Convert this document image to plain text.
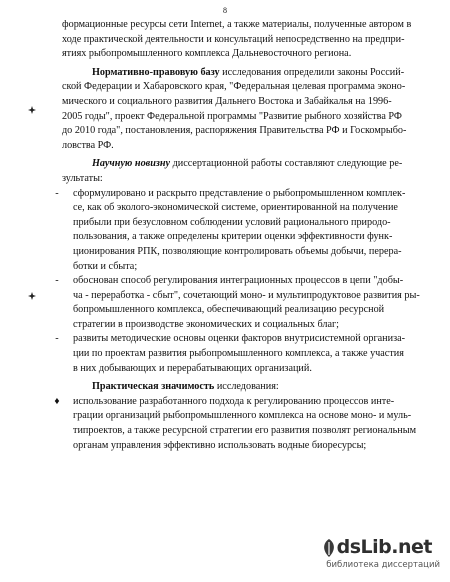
8
формационные ресурсы сети Internet, а также материалы, полученные автором в
ходе практической деятельности и консультаций непосредственно на предпри-
ятиях рыбопромышленного комплекса Дальневосточного региона.
Нормативно-правовую базу исследования определили законы Россий-
ской Федерации и Хабаровского края, "Федеральная целевая программа эконо-
мического и социального развития Дальнего Востока и Забайкалья на 1996-
2005 годы", проект Федеральной программы "Развитие рыбного хозяйства РФ
до 2010 года", постановления, распоряжения Правительства РФ и Госкомрыбо-
ловства РФ.
Научную новизну диссертационной работы составляют следующие ре-
зультаты:
-	сформулировано и раскрыто представление о рыбопромышленном комплек-
се, как об эколого-экономической системе, ориентированной на получение
прибыли при безусловном соблюдении условий рационального природо-
пользования, а также определены критерии оценки эффективности функ-
ционирования РПК, позволяющие контролировать объемы добычи, перера-
ботки и сбыта;
-	обоснован способ регулирования интеграционных процессов в цепи "добы-
ча - переработка - сбыт", сочетающий моно- и мультипродуктовое развития ры-
бопромышленного комплекса, обеспечивающий реализацию ресурсной
стратегии в производстве экономических и социальных благ;
-	развиты методические основы оценки факторов внутрисистемной организа-
ции по проектам развития рыбопромышленного комплекса, а также участия
в них добывающих и перерабатывающих организаций.
Практическая значимость исследования:
♦	использование разработанного подхода к регулированию процессов инте-
грации организаций рыбопромышленного комплекса на основе моно- и муль-
типроектов, а также ресурсной стратегии его развития позволят региональным
органам управления эффективно использовать водные биоресурсы;
dsLib.net
библиотека диссертаций
